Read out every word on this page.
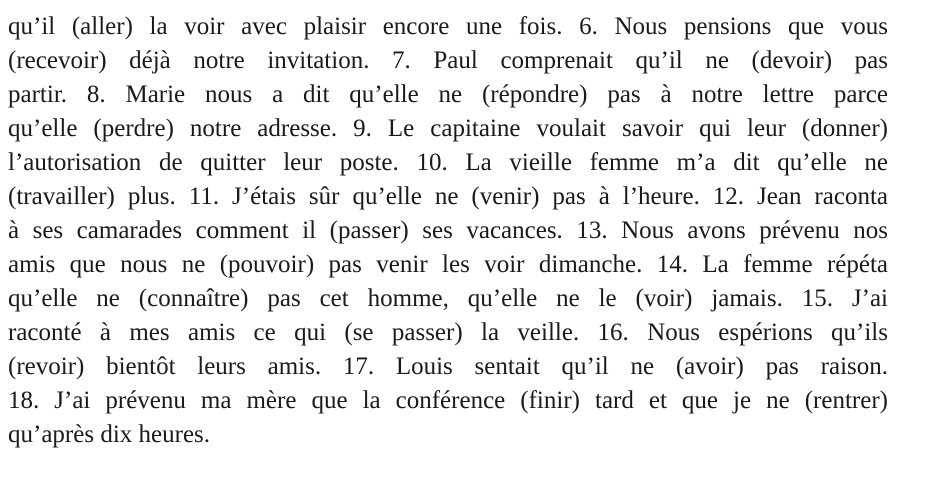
qu’il (aller) la voir avec plaisir encore une fois. 6. Nous pensions que vous
(recevoir) déjà notre invitation. 7. Paul comprenait qu’il ne (devoir) pas
partir. 8. Marie nous a dit qu’elle ne (répondre) pas à notre lettre parce
qu’elle (perdre) notre adresse. 9. Le capitaine voulait savoir qui leur (donner)
l’autorisation de quitter leur poste. 10. La vieille femme m’a dit qu’elle ne
(travailler) plus. 11. J’étais sûr qu’elle ne (venir) pas à l’heure. 12. Jean raconta
à ses camarades comment il (passer) ses vacances. 13. Nous avons prévenu nos
amis que nous ne (pouvoir) pas venir les voir dimanche. 14. La femme répéta
qu’elle ne (connaître) pas cet homme, qu’elle ne le (voir) jamais. 15. J’ai
raconté à mes amis ce qui (se passer) la veille. 16. Nous espérions qu’ils
(revoir) bientôt leurs amis. 17. Louis sentait qu’il ne (avoir) pas raison.
18. J’ai prévenu ma mère que la conférence (finir) tard et que je ne (rentrer)
qu’après dix heures.
